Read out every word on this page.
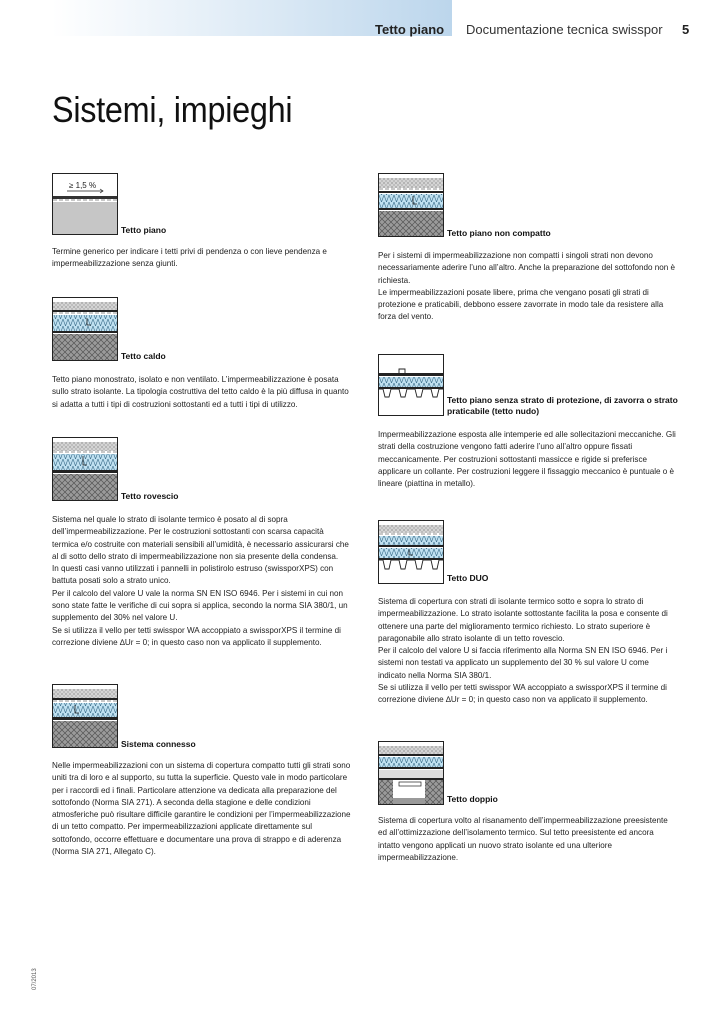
Tetto piano Documentazione tecnica swisspor 5
Sistemi, impieghi
≥ 1,5 %
Tetto piano

Termine generico per indicare i tetti privi di pendenza o con lieve pendenza e impermeabilizzazione senza giunti.

Tetto caldo

Tetto piano monostrato, isolato e non ventilato. L’impermeabilizzazione è posata sullo strato isolante. La tipologia costruttiva del tetto caldo è la più diffusa in quanto si adatta a tutti i tipi di costruzioni sottostanti ed a tutti i tipi di utilizzo.

Tetto rovescio

Sistema nel quale lo strato di isolante termico è posato al di sopra dell’impermeabilizzazione. Per le costruzioni sottostanti con scarsa capacità termica e/o costruite con materiali sensibili all’umidità, è necessario assicurarsi che al di sotto dello strato di impermeabilizzazione non sia presente della condensa.

In questi casi vanno utilizzati i pannelli in polistirolo estruso (swissporXPS) con battuta posati solo a strato unico.

Per il calcolo del valore U vale la norma SN EN ISO 6946. Per i sistemi in cui non sono state fatte le verifiche di cui sopra si applica, secondo la norma SIA 380/1, un supplemento del 30% nel valore U.

Se si utilizza il vello per tetti swisspor WA accoppiato a swissporXPS il termine di correzione diviene ∆Ur = 0; in questo caso non va applicato il supplemento.

Sistema connesso

Nelle impermeabilizzazioni con un sistema di copertura compatto tutti gli strati sono uniti tra di loro e al supporto, su tutta la superficie. Questo vale in modo particolare per i raccordi ed i finali. Particolare attenzione va dedicata alla preparazione del sottofondo (Norma SIA 271). A seconda della stagione e delle condizioni atmosferiche può risultare difficile garantire le condizioni per l’impermeabilizzazione di un tetto compatto. Per impermeabilizzazioni applicate direttamente sul sottofondo, occorre effettuare e documentare una prova di strappo e di aderenza (Norma SIA 271, Allegato C).

Tetto piano non compatto

Per i sistemi di impermeabilizzazione non compatti i singoli strati non devono necessariamente aderire l’uno all’altro. Anche la preparazione del sottofondo non è richiesta.

Le impermeabilizzazioni posate libere, prima che vengano posati gli strati di protezione e praticabili, debbono essere zavorrate in modo tale da resistere alla forza del vento.

Tetto piano senza strato di protezione, di zavorra o strato praticabile (tetto nudo)

Impermeabilizzazione esposta alle intemperie ed alle sollecitazioni meccaniche. Gli strati della costruzione vengono fatti aderire l’uno all’altro oppure fissati meccanicamente. Per costruzioni sottostanti massicce e rigide si preferisce applicare un collante. Per costruzioni leggere il fissaggio meccanico è puntuale o è lineare (piattina in metallo).

Tetto DUO

Sistema di copertura con strati di isolante termico sotto e sopra lo strato di impermeabilizzazione. Lo strato isolante sottostante facilita la posa e consente di ottenere una parte del miglioramento termico richiesto. Lo strato superiore è paragonabile allo strato isolante di un tetto rovescio.

Per il calcolo del valore U si faccia riferimento alla Norma SN EN ISO 6946. Per i sistemi non testati va applicato un supplemento del 30 % sul valore U come indicato nella Norma SIA 380/1.

Se si utilizza il vello per tetti swisspor WA accoppiato a swissporXPS il termine di correzione diviene ∆Ur = 0; in questo caso non va applicato il supplemento.

Tetto doppio

Sistema di copertura volto al risanamento dell’impermeabilizzazione preesistente ed all’ottimizzazione dell’isolamento termico. Sul tetto preesistente ed ancora intatto vengono applicati un nuovo strato isolante ed una ulteriore impermeabilizzazione.

07/2013
